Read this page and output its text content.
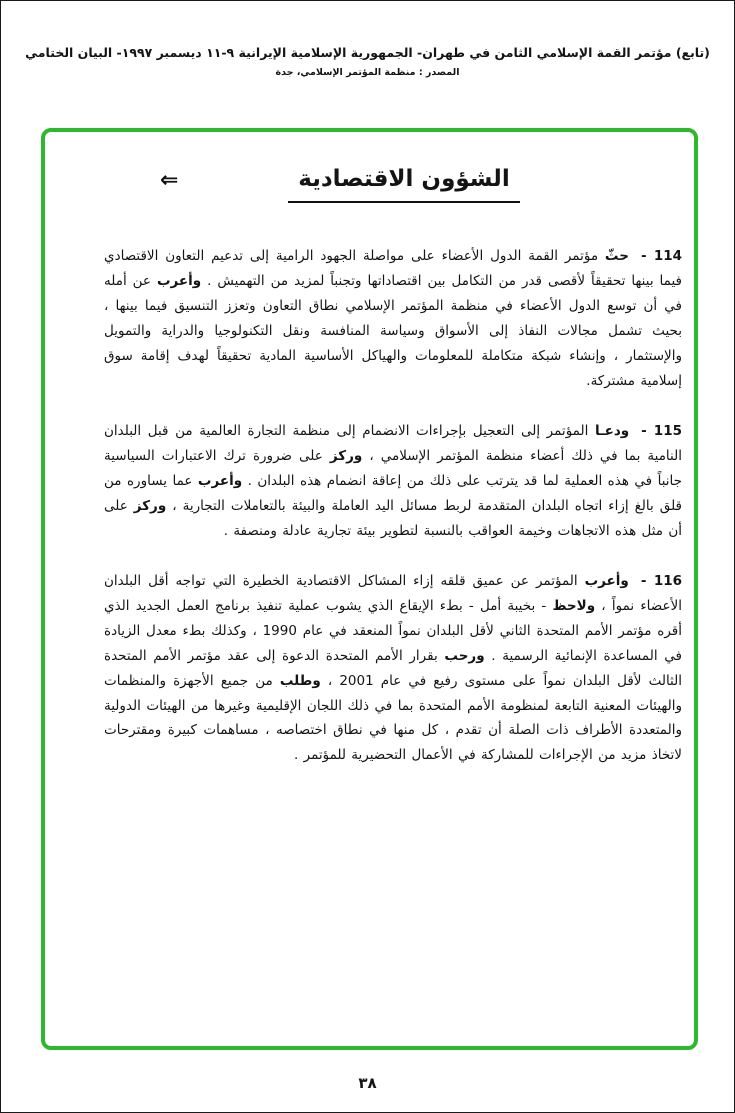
(تابع) مؤتمر القمة الإسلامي الثامن في طهران- الجمهورية الإسلامية الإيرانية ٩-١١ ديسمبر ١٩٩٧- البيان الختامي
المصدر : منظمة المؤتمر الإسلامي، جدة
⇐	الشؤون الاقتصادية
114 -حثّ مؤتمر القمة الدول الأعضاء على مواصلة الجهود الرامية إلى تدعيم التعاون الاقتصادي فيما بينها تحقيقاً لأقصى قدر من التكامل بين اقتصاداتها وتجنباً لمزيد من التهميش . وأعرب عن أمله في أن توسع الدول الأعضاء في منظمة المؤتمر الإسلامي نطاق التعاون وتعزز التنسيق فيما بينها ، بحيث تشمل مجالات النفاذ إلى الأسواق وسياسة المنافسة ونقل التكنولوجيا والدراية والتمويل والإستثمار ، وإنشاء شبكة متكاملة للمعلومات والهياكل الأساسية المادية تحقيقاً لهدف إقامة سوق إسلامية مشتركة.
115 -ودعـا المؤتمر إلى التعجيل بإجراءات الانضمام إلى منظمة التجارة العالمية من قبل البلدان النامية بما في ذلك أعضاء منظمة المؤتمر الإسلامي ، وركز على ضرورة ترك الاعتبارات السياسية جانباً في هذه العملية لما قد يترتب على ذلك من إعاقة انضمام هذه البلدان . وأعرب عما يساوره من قلق بالغ إزاء اتجاه البلدان المتقدمة لربط مسائل اليد العاملة والبيئة بالتعاملات التجارية ، وركز على أن مثل هذه الاتجاهات وخيمة العواقب بالنسبة لتطوير بيئة تجارية عادلة ومنصفة .
116 -وأعرب المؤتمر عن عميق قلقه إزاء المشاكل الاقتصادية الخطيرة التي تواجه أقل البلدان الأعضاء نمواً ، ولاحظ - بخيبة أمل - بطء الإيقاع الذي يشوب عملية تنفيذ برنامج العمل الجديد الذي أقره مؤتمر الأمم المتحدة الثاني لأقل البلدان نمواً المنعقد في عام 1990 ، وكذلك بطء معدل الزيادة في المساعدة الإنمائية الرسمية . ورحب بقرار الأمم المتحدة الدعوة إلى عقد مؤتمر الأمم المتحدة الثالث لأقل البلدان نمواً على مستوى رفيع في عام 2001 ، وطلب من جميع الأجهزة والمنظمات والهيئات المعنية التابعة لمنظومة الأمم المتحدة بما في ذلك اللجان الإقليمية وغيرها من الهيئات الدولية والمتعددة الأطراف ذات الصلة أن تقدم ، كل منها في نطاق اختصاصه ، مساهمات كبيرة ومقترحات لاتخاذ مزيد من الإجراءات للمشاركة في الأعمال التحضيرية للمؤتمر .
٣٨
